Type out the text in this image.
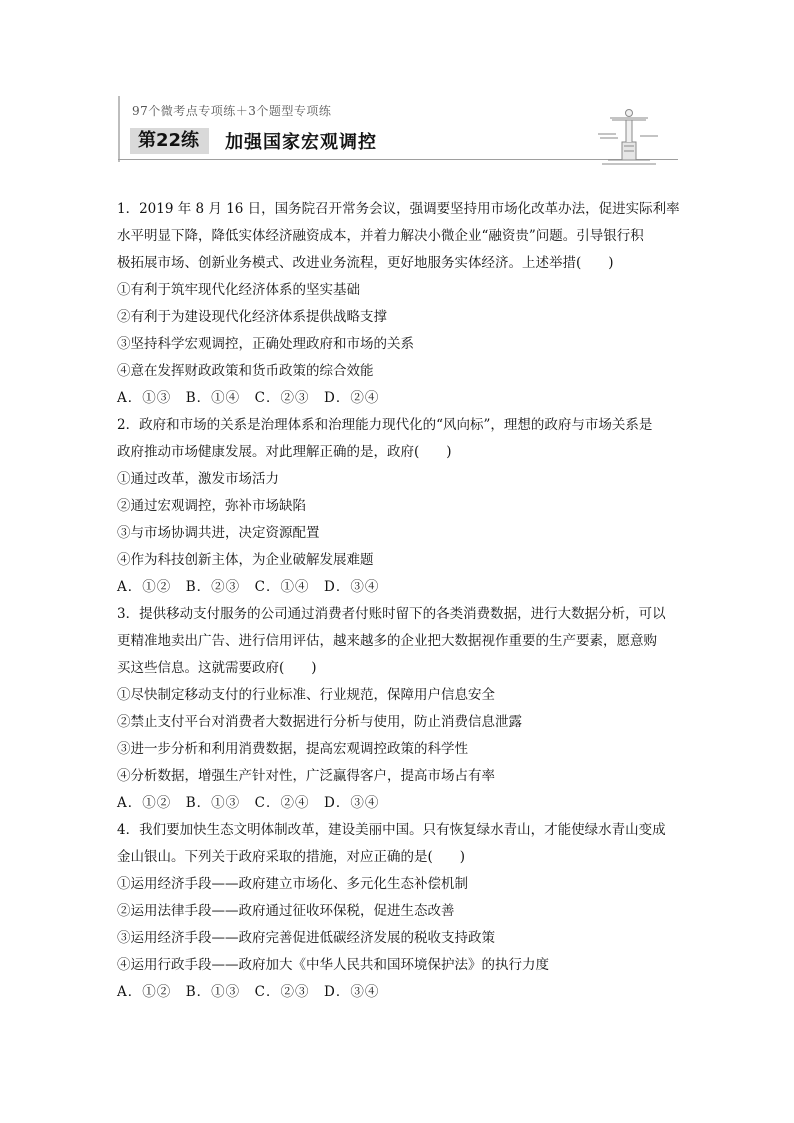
97个微考点专项练＋3个题型专项练
第22练	加强国家宏观调控
1．2019 年 8 月 16 日，国务院召开常务会议，强调要坚持用市场化改革办法，促进实际利率
水平明显下降，降低实体经济融资成本，并着力解决小微企业“融资贵”问题。引导银行积
极拓展市场、创新业务模式、改进业务流程，更好地服务实体经济。上述举措(　　)
①有利于筑牢现代化经济体系的坚实基础
②有利于为建设现代化经济体系提供战略支撑
③坚持科学宏观调控，正确处理政府和市场的关系
④意在发挥财政政策和货币政策的综合效能
A．①③　B．①④　C．②③　D．②④
2．政府和市场的关系是治理体系和治理能力现代化的“风向标”，理想的政府与市场关系是
政府推动市场健康发展。对此理解正确的是，政府(　　)
①通过改革，激发市场活力
②通过宏观调控，弥补市场缺陷
③与市场协调共进，决定资源配置
④作为科技创新主体，为企业破解发展难题
A．①②　B．②③　C．①④　D．③④
3．提供移动支付服务的公司通过消费者付账时留下的各类消费数据，进行大数据分析，可以
更精准地卖出广告、进行信用评估，越来越多的企业把大数据视作重要的生产要素，愿意购
买这些信息。这就需要政府(　　)
①尽快制定移动支付的行业标准、行业规范，保障用户信息安全
②禁止支付平台对消费者大数据进行分析与使用，防止消费信息泄露
③进一步分析和利用消费数据，提高宏观调控政策的科学性
④分析数据，增强生产针对性，广泛赢得客户，提高市场占有率
A．①②　B．①③　C．②④　D．③④
4．我们要加快生态文明体制改革，建设美丽中国。只有恢复绿水青山，才能使绿水青山变成
金山银山。下列关于政府采取的措施，对应正确的是(　　)
①运用经济手段——政府建立市场化、多元化生态补偿机制
②运用法律手段——政府通过征收环保税，促进生态改善
③运用经济手段——政府完善促进低碳经济发展的税收支持政策
④运用行政手段——政府加大《中华人民共和国环境保护法》的执行力度
A．①②　B．①③　C．②③　D．③④
